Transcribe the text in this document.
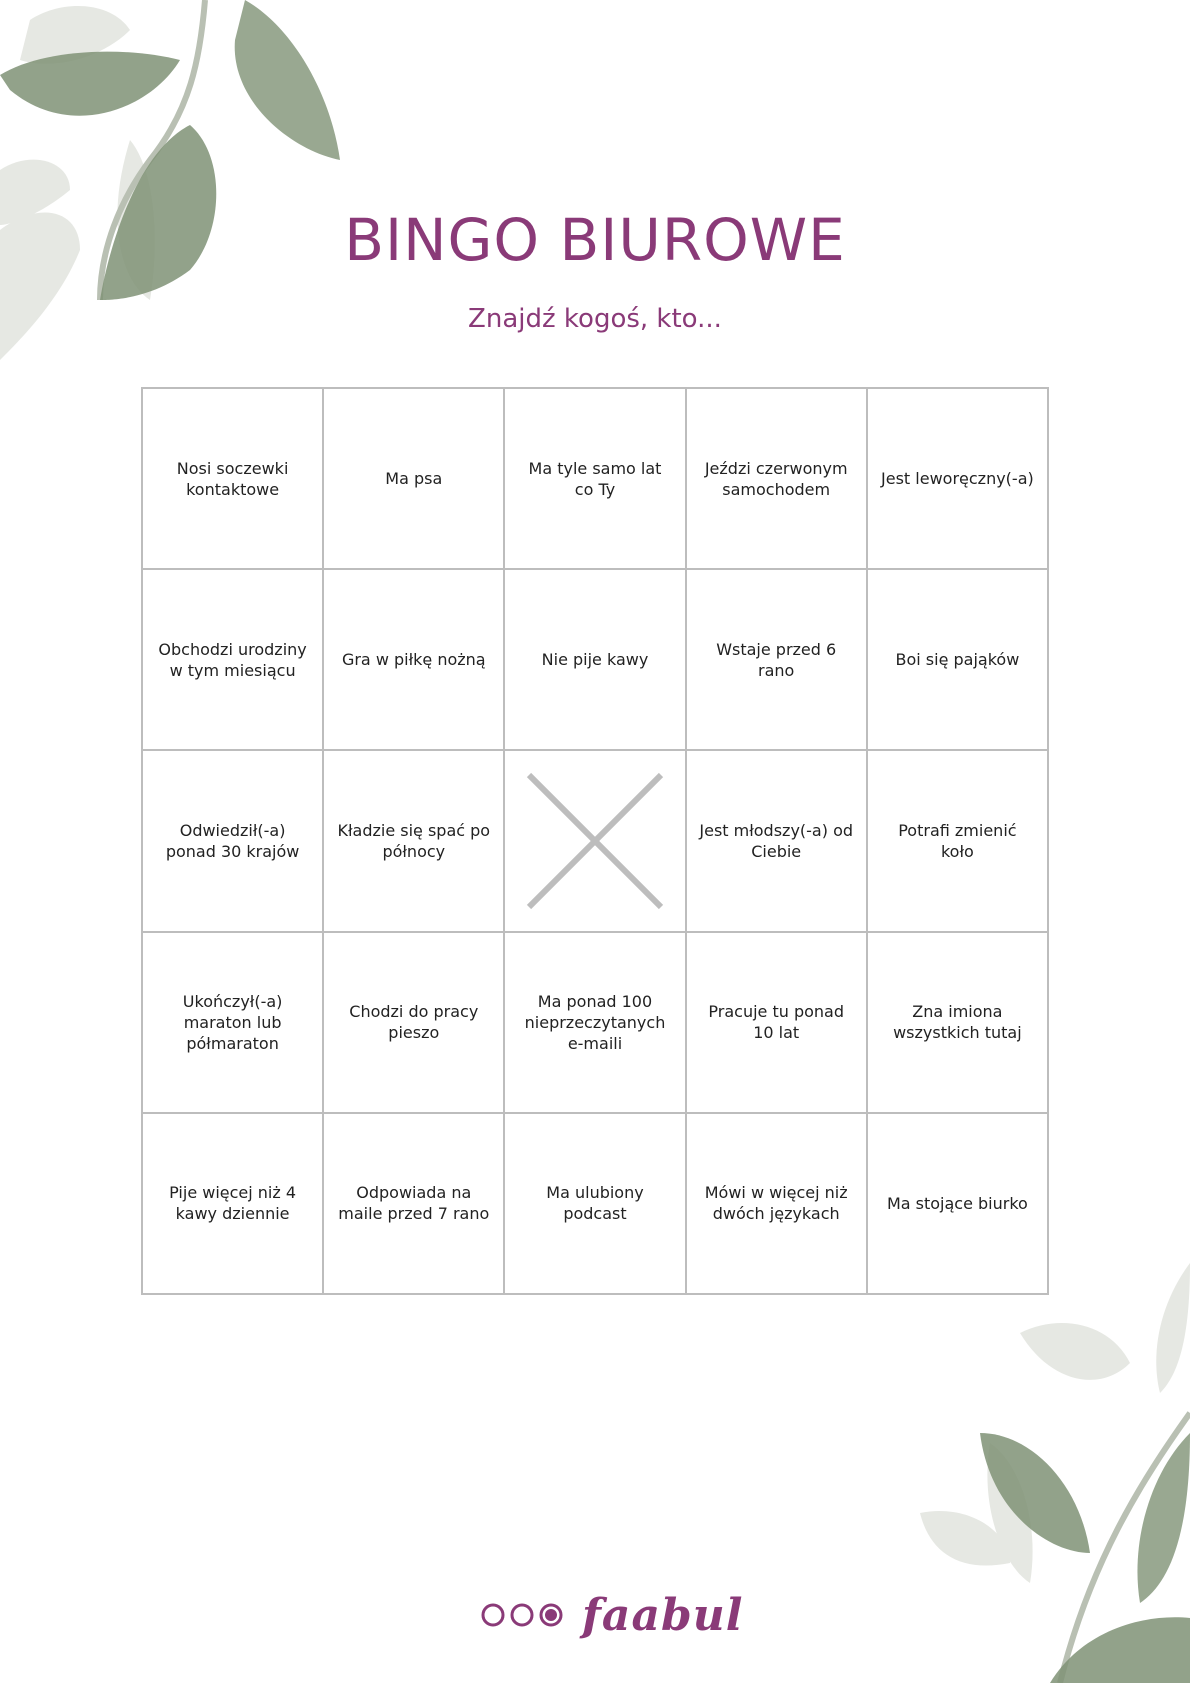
BINGO BIUROWE
Znajdź kogoś, kto...
Nosi soczewki kontaktowe
Ma psa
Ma tyle samo lat co Ty
Jeździ czerwonym samochodem
Jest leworęczny(-a)
Obchodzi urodziny w tym miesiącu
Gra w piłkę nożną	Nie pije kawy
Wstaje przed 6 rano
Boi się pająków
Odwiedził(-a) ponad 30 krajów
Kładzie się spać po północy
Jest młodszy(-a) od Ciebie
Potrafi zmienić koło
Ukończył(-a) maraton lub półmaraton
Chodzi do pracy pieszo
Ma ponad 100 nieprzeczytanych e-maili
Pracuje tu ponad 10 lat
Zna imiona wszystkich tutaj
Pije więcej niż 4 kawy dziennie
Odpowiada na maile przed 7 rano
Ma ulubiony podcast
Mówi w więcej niż dwóch językach
Ma stojące biurko
faabul
